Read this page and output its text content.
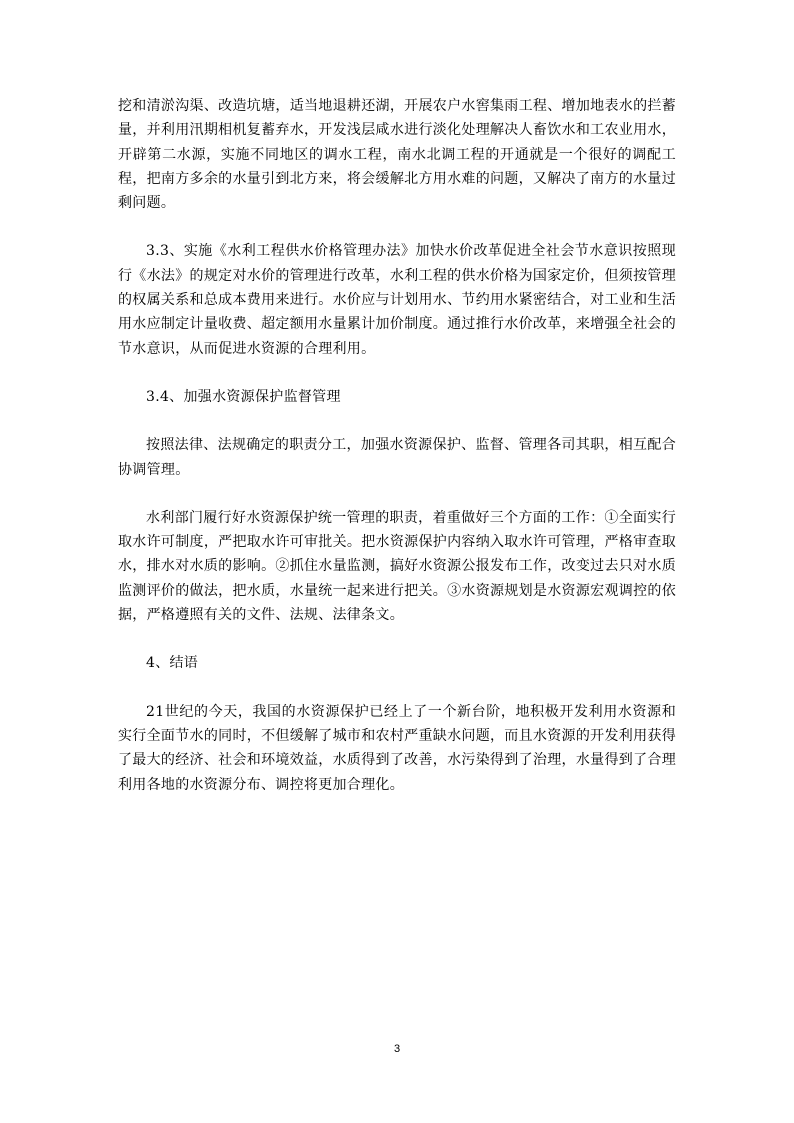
挖和清淤沟渠、改造坑塘，适当地退耕还湖，开展农户水窖集雨工程、增加地表水的拦蓄量，并利用汛期相机复蓄弃水，开发浅层咸水进行淡化处理解决人畜饮水和工农业用水，开辟第二水源，实施不同地区的调水工程，南水北调工程的开通就是一个很好的调配工程，把南方多余的水量引到北方来，将会缓解北方用水难的问题，又解决了南方的水量过剩问题。

3.3、实施《水利工程供水价格管理办法》加快水价改革促进全社会节水意识按照现行《水法》的规定对水价的管理进行改革，水利工程的供水价格为国家定价，但须按管理的权属关系和总成本费用来进行。水价应与计划用水、节约用水紧密结合，对工业和生活用水应制定计量收费、超定额用水量累计加价制度。通过推行水价改革，来增强全社会的节水意识，从而促进水资源的合理利用。

3.4、加强水资源保护监督管理

按照法律、法规确定的职责分工，加强水资源保护、监督、管理各司其职，相互配合协调管理。

水利部门履行好水资源保护统一管理的职责，着重做好三个方面的工作：①全面实行取水许可制度，严把取水许可审批关。把水资源保护内容纳入取水许可管理，严格审查取水，排水对水质的影响。②抓住水量监测，搞好水资源公报发布工作，改变过去只对水质监测评价的做法，把水质，水量统一起来进行把关。③水资源规划是水资源宏观调控的依据，严格遵照有关的文件、法规、法律条文。

4、结语

21世纪的今天，我国的水资源保护已经上了一个新台阶，地积极开发利用水资源和实行全面节水的同时，不但缓解了城市和农村严重缺水问题，而且水资源的开发利用获得了最大的经济、社会和环境效益，水质得到了改善，水污染得到了治理，水量得到了合理利用各地的水资源分布、调控将更加合理化。

3
